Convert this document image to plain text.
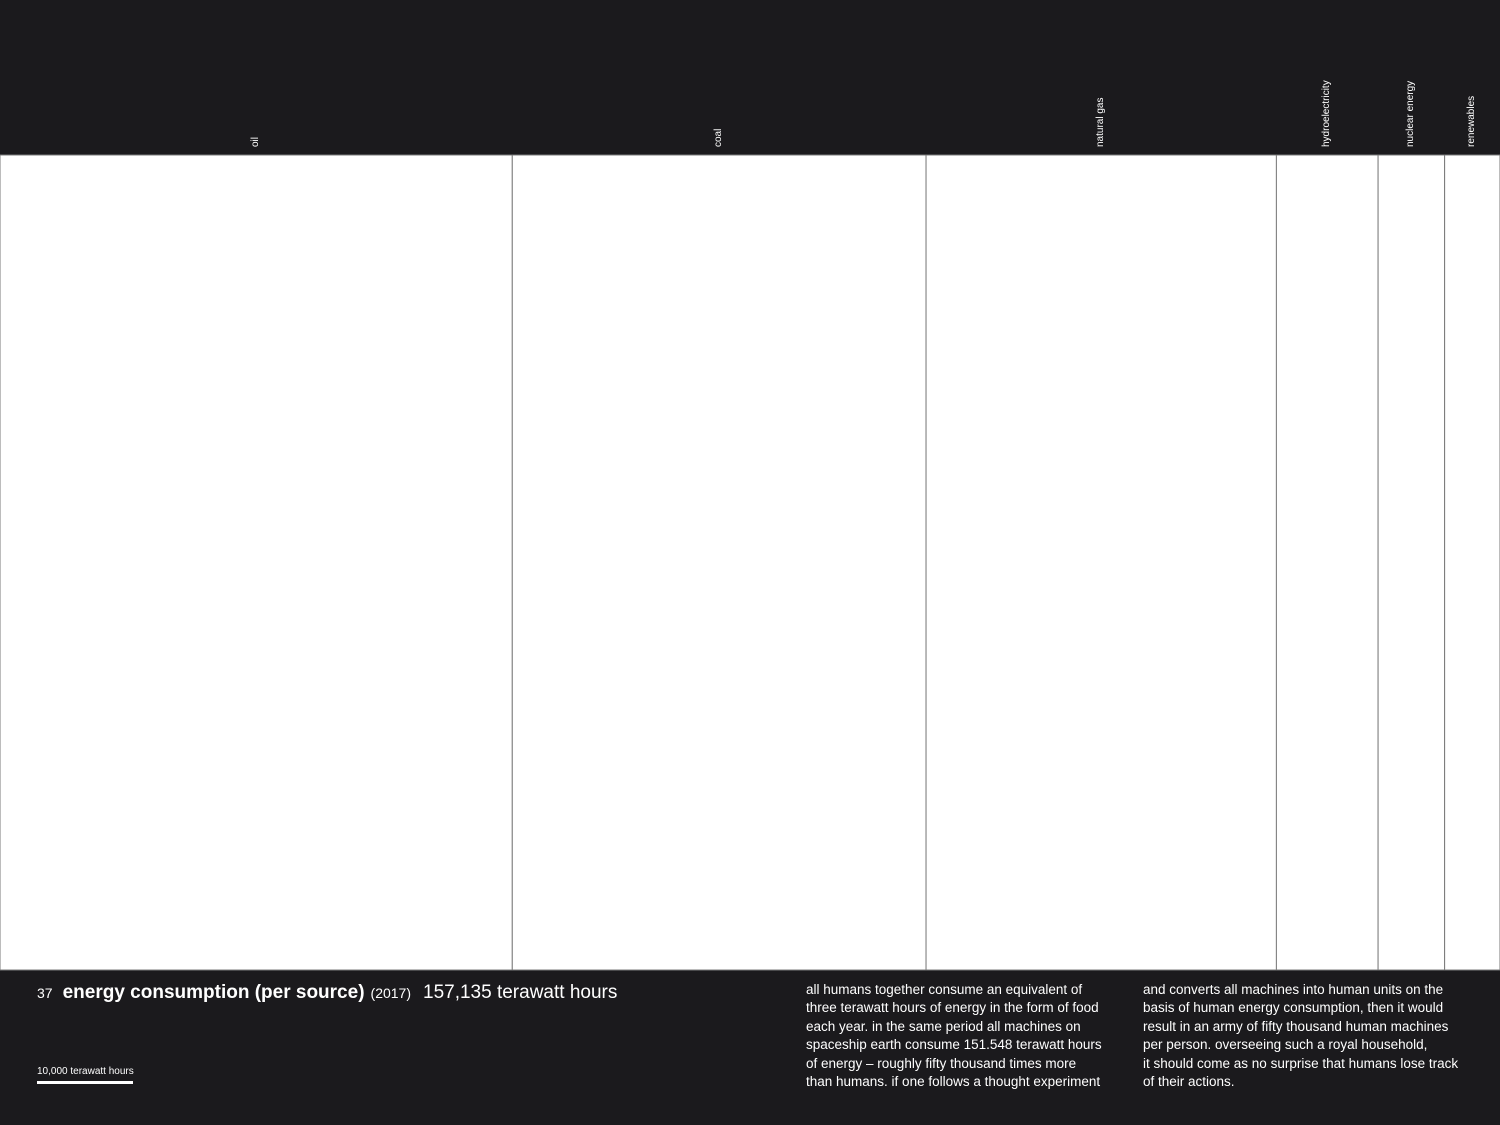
oil	coal	natural gas	hydroelectricity	nuclear energy	renewables
37 energy consumption (per source) (2017) 157,135 terawatt hours
10,000 terawatt hours
all humans together consume an equivalent of
three terawatt hours of energy in the form of food
each year. in the same period all machines on
spaceship earth consume 151.548 terawatt hours
of energy – roughly fifty thousand times more
than humans. if one follows a thought experiment
and converts all machines into human units on the
basis of human energy consumption, then it would
result in an army of fifty thousand human machines
per person. overseeing such a royal household,
it should come as no surprise that humans lose track
of their actions.
